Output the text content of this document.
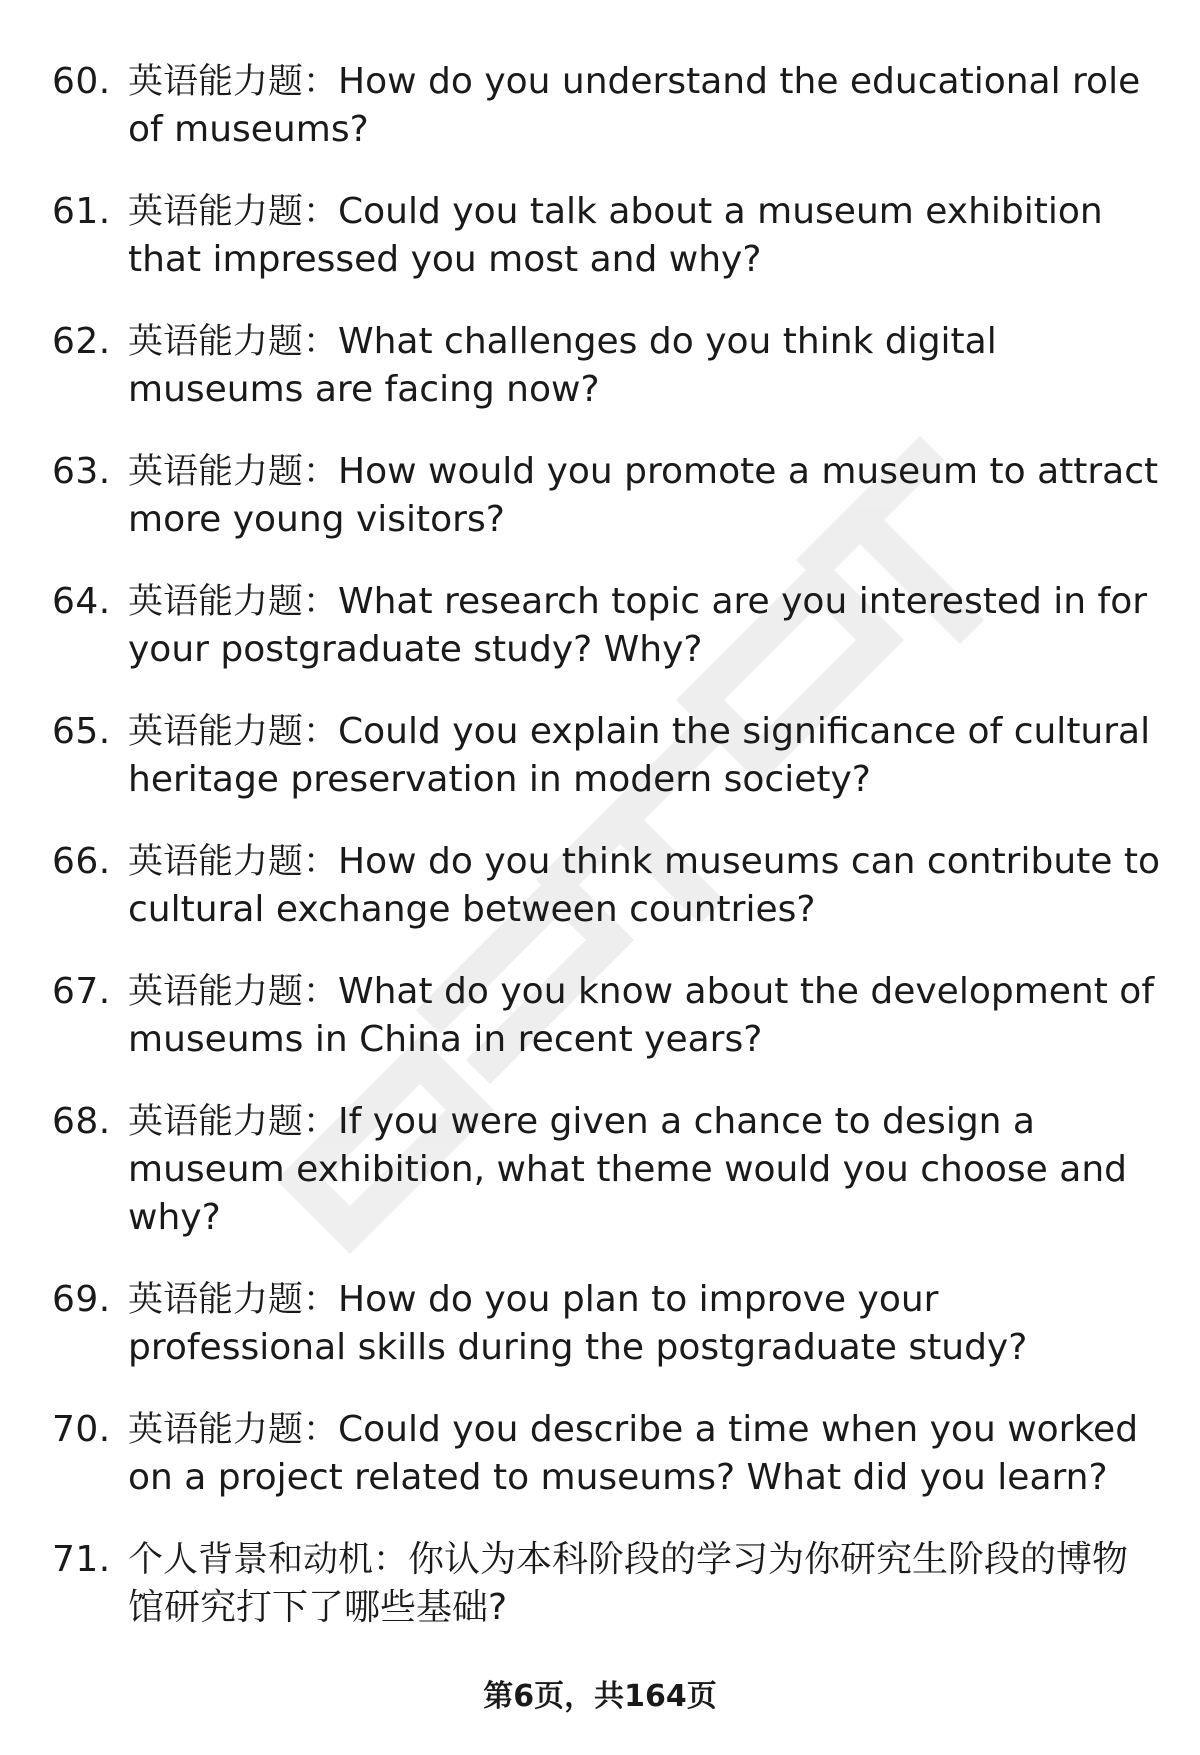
60. 英语能力题：How do you understand the educational role of museums?
61. 英语能力题：Could you talk about a museum exhibition that impressed you most and why?
62. 英语能力题：What challenges do you think digital museums are facing now?
63. 英语能力题：How would you promote a museum to attract more young visitors?
64. 英语能力题：What research topic are you interested in for your postgraduate study? Why?
65. 英语能力题：Could you explain the significance of cultural heritage preservation in modern society?
66. 英语能力题：How do you think museums can contribute to cultural exchange between countries?
67. 英语能力题：What do you know about the development of museums in China in recent years?
68. 英语能力题：If you were given a chance to design a museum exhibition, what theme would you choose and why?
69. 英语能力题：How do you plan to improve your professional skills during the postgraduate study?
70. 英语能力题：Could you describe a time when you worked on a project related to museums? What did you learn?
71. 个人背景和动机：你认为本科阶段的学习为你研究生阶段的博物馆研究打下了哪些基础?
第6页，共164页
